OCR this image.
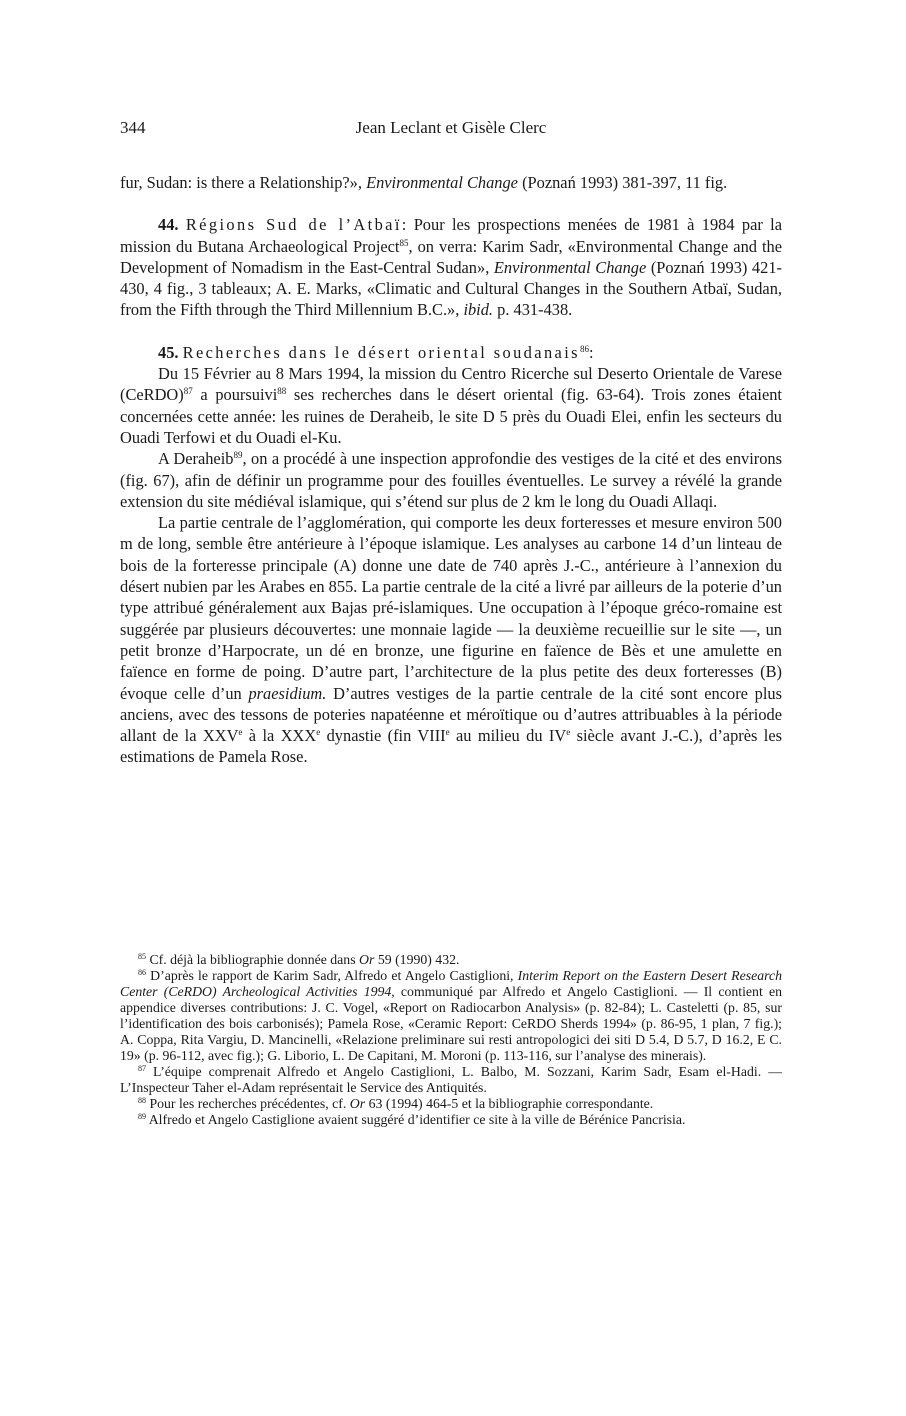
344	Jean Leclant et Gisèle Clerc

fur, Sudan: is there a Relationship?», Environmental Change (Poznań 1993) 381-397, 11 fig.

44. Régions Sud de l’Atbaï: Pour les prospections menées de 1981 à 1984 par la mission du Butana Archaeological Project$^{85}$, on verra: Karim Sadr, «Environmental Change and the Development of Nomadism in the East-Central Sudan», Environmental Change (Poznań 1993) 421-430, 4 fig., 3 tableaux; A. E. Marks, «Climatic and Cultural Changes in the Southern Atbaï, Sudan, from the Fifth through the Third Millennium B.C.», ibid. p. 431-438.

45. Recherches dans le désert oriental soudanais$^{86}$:

Du 15 Février au 8 Mars 1994, la mission du Centro Ricerche sul Deserto Orientale de Varese (CeRDO)$^{87}$ a poursuivi$^{88}$ ses recherches dans le désert oriental (fig. 63-64). Trois zones étaient concernées cette année: les ruines de Deraheib, le site D 5 près du Ouadi Elei, enfin les secteurs du Ouadi Terfowi et du Ouadi el-Ku.

A Deraheib$^{89}$, on a procédé à une inspection approfondie des vestiges de la cité et des environs (fig. 67), afin de définir un programme pour des fouilles éventuelles. Le survey a révélé la grande extension du site médiéval islamique, qui s’étend sur plus de 2 km le long du Ouadi Allaqi.

La partie centrale de l’agglomération, qui comporte les deux forteresses et mesure environ 500 m de long, semble être antérieure à l’époque islamique. Les analyses au carbone 14 d’un linteau de bois de la forteresse principale (A) donne une date de 740 après J.-C., antérieure à l’annexion du désert nubien par les Arabes en 855. La partie centrale de la cité a livré par ailleurs de la poterie d’un type attribué généralement aux Bajas pré-islamiques. Une occupation à l’époque gréco-romaine est suggérée par plusieurs découvertes: une monnaie lagide — la deuxième recueillie sur le site —, un petit bronze d’Harpocrate, un dé en bronze, une figurine en faïence de Bès et une amulette en faïence en forme de poing. D’autre part, l’architecture de la plus petite des deux forteresses (B) évoque celle d’un praesidium. D’autres vestiges de la partie centrale de la cité sont encore plus anciens, avec des tessons de poteries napatéenne et méroïtique ou d’autres attribuables à la période allant de la XXVe à la XXXe dynastie (fin VIIIe au milieu du IVe siècle avant J.-C.), d’après les estimations de Pamela Rose.

$^{85}$ Cf. déjà la bibliographie donnée dans Or 59 (1990) 432.

$^{86}$ D’après le rapport de Karim Sadr, Alfredo et Angelo Castiglioni, Interim Report on the Eastern Desert Research Center (CeRDO) Archeological Activities 1994, communiqué par Alfredo et Angelo Castiglioni. — Il contient en appendice diverses contributions: J. C. Vogel, «Report on Radiocarbon Analysis» (p. 82-84); L. Casteletti (p. 85, sur l’identification des bois carbonisés); Pamela Rose, «Ceramic Report: CeRDO Sherds 1994» (p. 86-95, 1 plan, 7 fig.); A. Coppa, Rita Vargiu, D. Mancinelli, «Relazione preliminare sui resti antropologici dei siti D 5.4, D 5.7, D 16.2, E C. 19» (p. 96-112, avec fig.); G. Liborio, L. De Capitani, M. Moroni (p. 113-116, sur l’analyse des minerais).

$^{87}$ L’équipe comprenait Alfredo et Angelo Castiglioni, L. Balbo, M. Sozzani, Karim Sadr, Esam el-Hadi. — L’Inspecteur Taher el-Adam représentait le Service des Antiquités.

$^{88}$ Pour les recherches précédentes, cf. Or 63 (1994) 464-5 et la bibliographie correspondante.

$^{89}$ Alfredo et Angelo Castiglione avaient suggéré d’identifier ce site à la ville de Bérénice Pancrisia.
